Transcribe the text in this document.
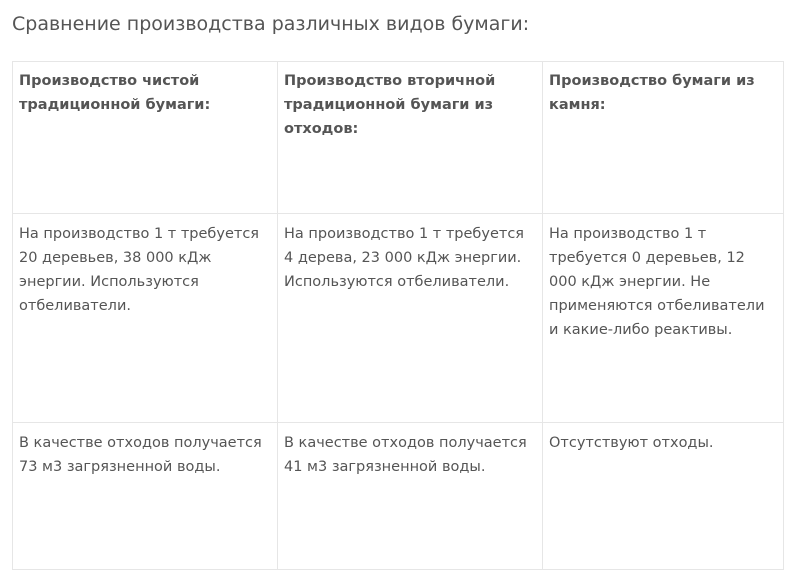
Сравнение производства различных видов бумаги:
Производство чистой традиционной бумаги:	Производство вторичной традиционной бумаги из отходов:	Производство бумаги из камня:
На производство 1 т требуется 20 деревьев, 38 000 кДж энергии. Используются отбеливатели.	На производство 1 т требуется 4 дерева, 23 000 кДж энергии. Используются отбеливатели.	На производство 1 т требуется 0 деревьев, 12 000 кДж энергии. Не применяются отбеливатели и какие-либо реактивы.
В качестве отходов получается 73 м3 загрязненной воды.	В качестве отходов получается 41 м3 загрязненной воды.	Отсутствуют отходы.
